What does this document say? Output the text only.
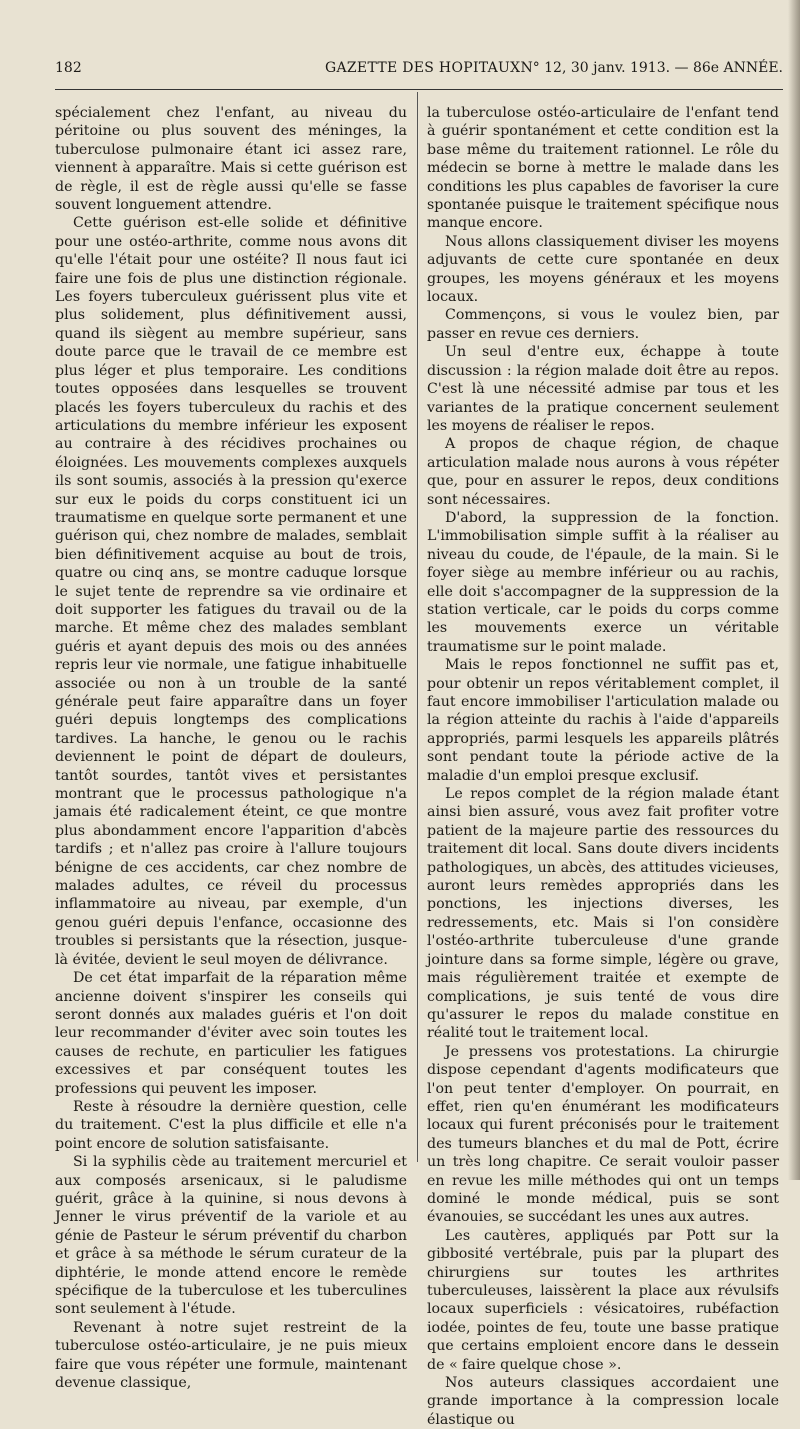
182	GAZETTE DES HOPITAUX N° 12, 30 janv. 1913. — 86e ANNÉE.

spécialement chez l'enfant, au niveau du péritoine ou plus souvent des méninges, la tuberculose pulmonaire étant ici assez rare, viennent à apparaître. Mais si cette guérison est de règle, il est de règle aussi qu'elle se fasse souvent longuement attendre.

Cette guérison est-elle solide et définitive pour une ostéo-arthrite, comme nous avons dit qu'elle l'était pour une ostéite? Il nous faut ici faire une fois de plus une distinction régionale. Les foyers tuberculeux guérissent plus vite et plus solidement, plus définitivement aussi, quand ils siègent au membre supérieur, sans doute parce que le travail de ce membre est plus léger et plus temporaire. Les conditions toutes opposées dans lesquelles se trouvent placés les foyers tuberculeux du rachis et des articulations du membre inférieur les exposent au contraire à des récidives prochaines ou éloignées. Les mouvements complexes auxquels ils sont soumis, associés à la pression qu'exerce sur eux le poids du corps constituent ici un traumatisme en quelque sorte permanent et une guérison qui, chez nombre de malades, semblait bien définitivement acquise au bout de trois, quatre ou cinq ans, se montre caduque lorsque le sujet tente de reprendre sa vie ordinaire et doit supporter les fatigues du travail ou de la marche. Et même chez des malades semblant guéris et ayant depuis des mois ou des années repris leur vie normale, une fatigue inhabituelle associée ou non à un trouble de la santé générale peut faire apparaître dans un foyer guéri depuis longtemps des complications tardives. La hanche, le genou ou le rachis deviennent le point de départ de douleurs, tantôt sourdes, tantôt vives et persistantes montrant que le processus pathologique n'a jamais été radicalement éteint, ce que montre plus abondamment encore l'apparition d'abcès tardifs ; et n'allez pas croire à l'allure toujours bénigne de ces accidents, car chez nombre de malades adultes, ce réveil du processus inflammatoire au niveau, par exemple, d'un genou guéri depuis l'enfance, occasionne des troubles si persistants que la résection, jusque-là évitée, devient le seul moyen de délivrance.

De cet état imparfait de la réparation même ancienne doivent s'inspirer les conseils qui seront donnés aux malades guéris et l'on doit leur recommander d'éviter avec soin toutes les causes de rechute, en particulier les fatigues excessives et par conséquent toutes les professions qui peuvent les imposer.

Reste à résoudre la dernière question, celle du traitement. C'est la plus difficile et elle n'a point encore de solution satisfaisante.

Si la syphilis cède au traitement mercuriel et aux composés arsenicaux, si le paludisme guérit, grâce à la quinine, si nous devons à Jenner le virus préventif de la variole et au génie de Pasteur le sérum préventif du charbon et grâce à sa méthode le sérum curateur de la diphtérie, le monde attend encore le remède spécifique de la tuberculose et les tuberculines sont seulement à l'étude.

Revenant à notre sujet restreint de la tuberculose ostéo-articulaire, je ne puis mieux faire que vous répéter une formule, maintenant devenue classique,

la tuberculose ostéo-articulaire de l'enfant tend à guérir spontanément et cette condition est la base même du traitement rationnel. Le rôle du médecin se borne à mettre le malade dans les conditions les plus capables de favoriser la cure spontanée puisque le traitement spécifique nous manque encore.

Nous allons classiquement diviser les moyens adjuvants de cette cure spontanée en deux groupes, les moyens généraux et les moyens locaux.

Commençons, si vous le voulez bien, par passer en revue ces derniers.

Un seul d'entre eux, échappe à toute discussion : la région malade doit être au repos. C'est là une nécessité admise par tous et les variantes de la pratique concernent seulement les moyens de réaliser le repos.

A propos de chaque région, de chaque articulation malade nous aurons à vous répéter que, pour en assurer le repos, deux conditions sont nécessaires.

D'abord, la suppression de la fonction. L'immobilisation simple suffit à la réaliser au niveau du coude, de l'épaule, de la main. Si le foyer siège au membre inférieur ou au rachis, elle doit s'accompagner de la suppression de la station verticale, car le poids du corps comme les mouvements exerce un véritable traumatisme sur le point malade.

Mais le repos fonctionnel ne suffit pas et, pour obtenir un repos véritablement complet, il faut encore immobiliser l'articulation malade ou la région atteinte du rachis à l'aide d'appareils appropriés, parmi lesquels les appareils plâtrés sont pendant toute la période active de la maladie d'un emploi presque exclusif.

Le repos complet de la région malade étant ainsi bien assuré, vous avez fait profiter votre patient de la majeure partie des ressources du traitement dit local. Sans doute divers incidents pathologiques, un abcès, des attitudes vicieuses, auront leurs remèdes appropriés dans les ponctions, les injections diverses, les redressements, etc. Mais si l'on considère l'ostéo-arthrite tuberculeuse d'une grande jointure dans sa forme simple, légère ou grave, mais régulièrement traitée et exempte de complications, je suis tenté de vous dire qu'assurer le repos du malade constitue en réalité tout le traitement local.

Je pressens vos protestations. La chirurgie dispose cependant d'agents modificateurs que l'on peut tenter d'employer. On pourrait, en effet, rien qu'en énumérant les modificateurs locaux qui furent préconisés pour le traitement des tumeurs blanches et du mal de Pott, écrire un très long chapitre. Ce serait vouloir passer en revue les mille méthodes qui ont un temps dominé le monde médical, puis se sont évanouies, se succédant les unes aux autres.

Les cautères, appliqués par Pott sur la gibbosité vertébrale, puis par la plupart des chirurgiens sur toutes les arthrites tuberculeuses, laissèrent la place aux révulsifs locaux superficiels : vésicatoires, rubéfaction iodée, pointes de feu, toute une basse pratique que certains emploient encore dans le dessein de « faire quelque chose ».

Nos auteurs classiques accordaient une grande importance à la compression locale élastique ou
